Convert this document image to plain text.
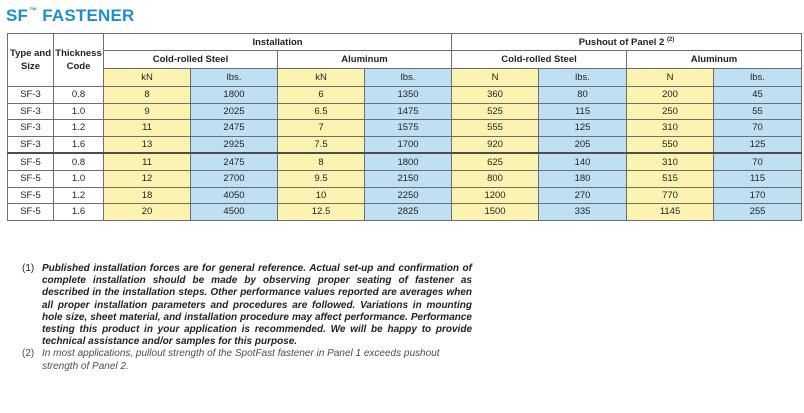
SF™ FASTENER
Type and Size	Thickness Code	Installation				Pushout of Panel 2 $^{(2)}$
		Cold-rolled Steel		Aluminum		Cold-rolled Steel		Aluminum	
		kN	lbs.	kN	lbs.	N	lbs.	N	lbs.
SF-3	0.8	8	1800	6	1350	360	80	200	45
SF-3	1.0	9	2025	6.5	1475	525	115	250	55
SF-3	1.2	11	2475	7	1575	555	125	310	70
SF-3	1.6	13	2925	7.5	1700	920	205	550	125
SF-5	0.8	11	2475	8	1800	625	140	310	70
SF-5	1.0	12	2700	9.5	2150	800	180	515	115
SF-5	1.2	18	4050	10	2250	1200	270	770	170
SF-5	1.6	20	4500	12.5	2825	1500	335	1145	255
(1) Published installation forces are for general reference. Actual set-up and confirmation of complete installation should be made by observing proper seating of fastener as described in the installation steps. Other performance values reported are averages when all proper installation parameters and procedures are followed. Variations in mounting hole size, sheet material, and installation procedure may affect performance. Performance testing this product in your application is recommended. We will be happy to provide technical assistance and/or samples for this purpose.
(2) In most applications, pullout strength of the SpotFast fastener in Panel 1 exceeds pushout strength of Panel 2.
